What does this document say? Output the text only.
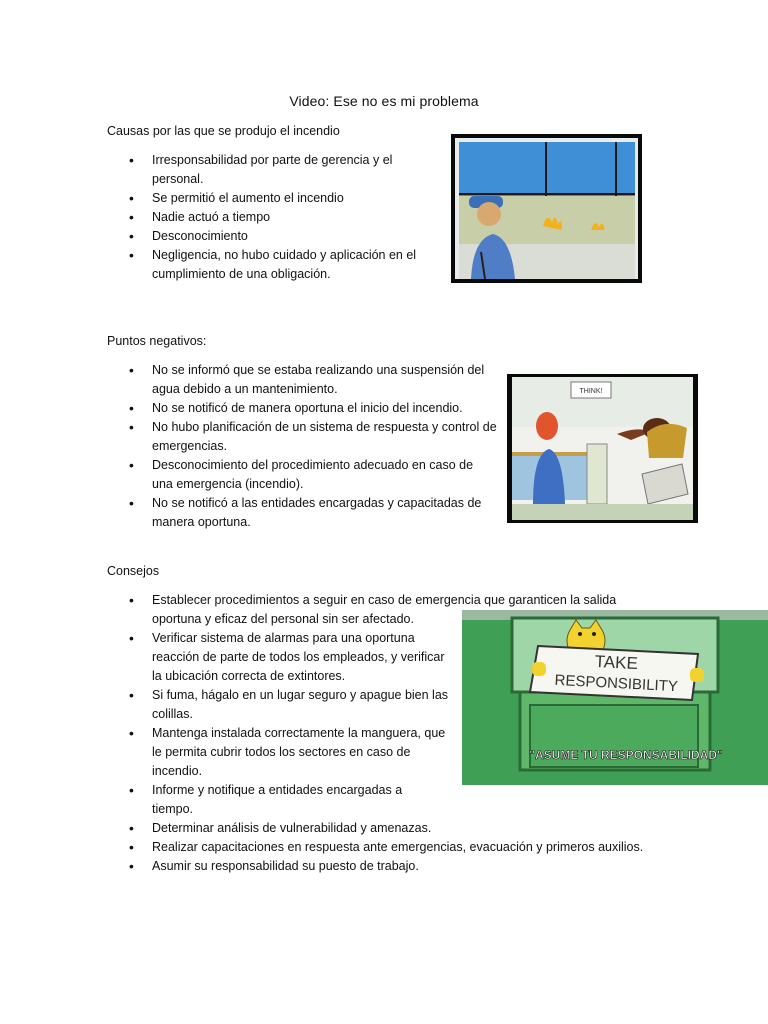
Video: Ese no es mi problema
Causas por las que se produjo el incendio
• Irresponsabilidad por parte de gerencia y el personal.
• Se permitió el aumento el incendio
• Nadie actuó a tiempo
• Desconocimiento
• Negligencia, no hubo cuidado y aplicación en el cumplimiento de una obligación.
Puntos negativos:
• No se informó que se estaba realizando una suspensión del agua debido a un mantenimiento.
• No se notificó de manera oportuna el inicio del incendio.
• No hubo planificación de un sistema de respuesta y control de emergencias.
• Desconocimiento del procedimiento adecuado en caso de una emergencia (incendio).
• No se notificó a las entidades encargadas y capacitadas de manera oportuna.
THINK!
Consejos
TAKE
RESPONSIBILITY
"ASUME TU RESPONSABILIDAD"
• Establecer procedimientos a seguir en caso de emergencia que garanticen la salida oportuna y eficaz del personal sin ser afectado.
• Verificar sistema de alarmas para una oportuna reacción de parte de todos los empleados, y verificar la ubicación correcta de extintores.
• Si fuma, hágalo en un lugar seguro y apague bien las colillas.
• Mantenga instalada correctamente la manguera, que le permita cubrir todos los sectores en caso de incendio.
• Informe y notifique a entidades encargadas a tiempo.
• Determinar análisis de vulnerabilidad y amenazas.
• Realizar capacitaciones en respuesta ante emergencias, evacuación y primeros auxilios.
• Asumir su responsabilidad su puesto de trabajo.
